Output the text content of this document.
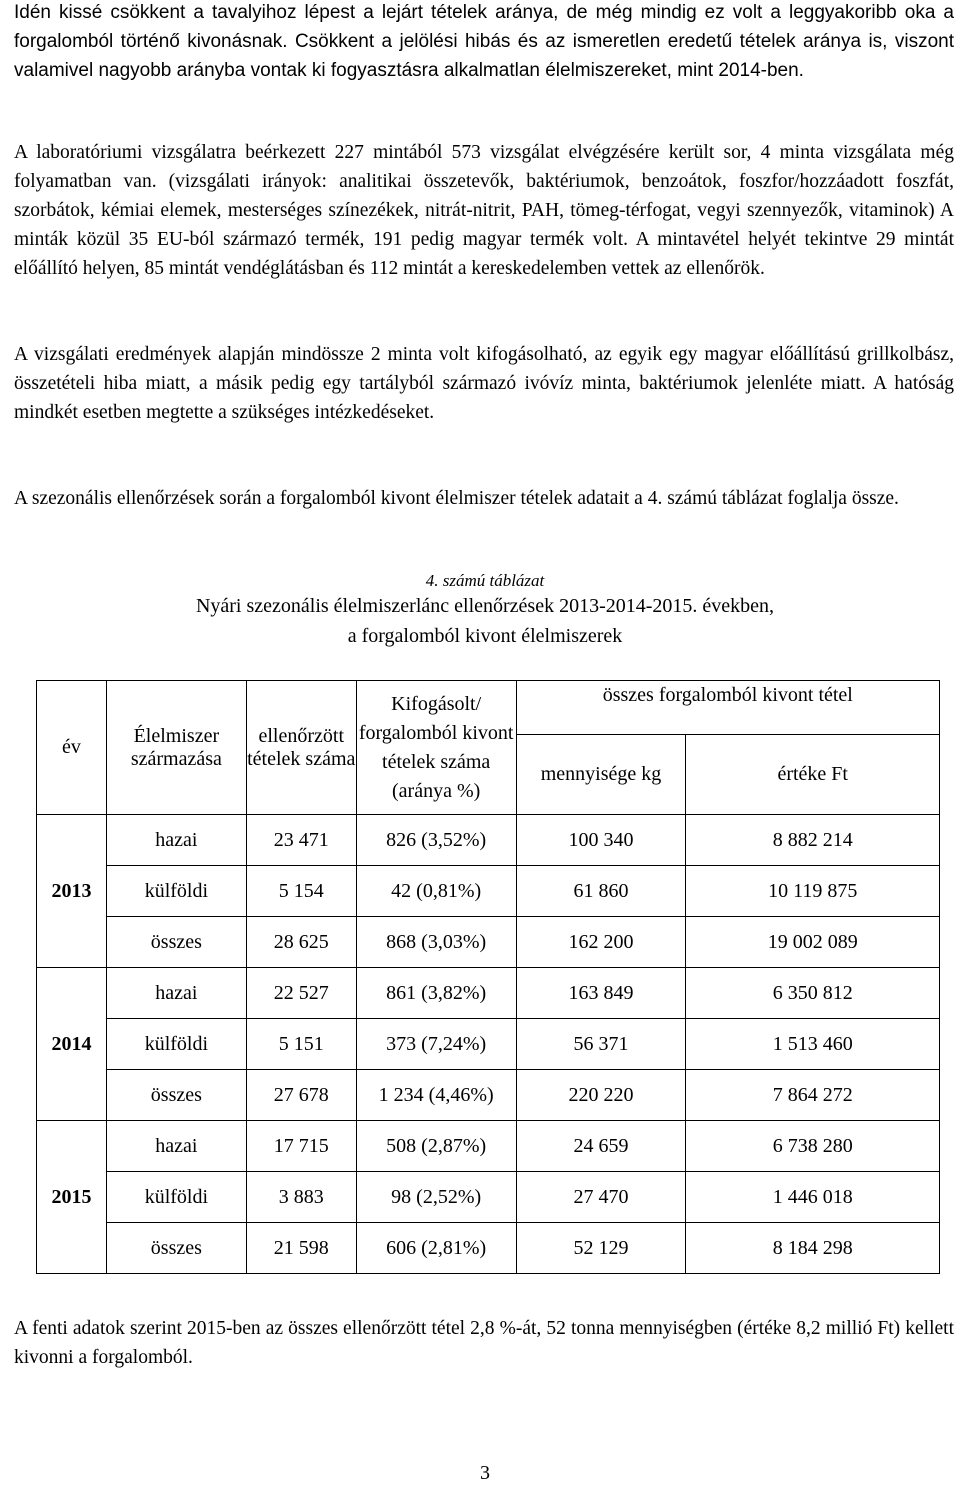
Idén kissé csökkent a tavalyihoz lépest a lejárt tételek aránya, de még mindig ez volt a leggyakoribb oka a forgalomból történő kivonásnak. Csökkent a jelölési hibás és az ismeretlen eredetű tételek aránya is, viszont valamivel nagyobb arányba vontak ki fogyasztásra alkalmatlan élelmiszereket, mint 2014-ben.

A laboratóriumi vizsgálatra beérkezett 227 mintából 573 vizsgálat elvégzésére került sor, 4 minta vizsgálata még folyamatban van. (vizsgálati irányok: analitikai összetevők, baktériumok, benzoátok, foszfor/hozzáadott foszfát, szorbátok, kémiai elemek, mesterséges színezékek, nitrát-nitrit, PAH, tömeg-térfogat, vegyi szennyezők, vitaminok) A minták közül 35 EU-ból származó termék, 191 pedig magyar termék volt. A mintavétel helyét tekintve 29 mintát előállító helyen, 85 mintát vendéglátásban és 112 mintát a kereskedelemben vettek az ellenőrök.

A vizsgálati eredmények alapján mindössze 2 minta volt kifogásolható, az egyik egy magyar előállítású grillkolbász, összetételi hiba miatt, a másik pedig egy tartályból származó ivóvíz minta, baktériumok jelenléte miatt. A hatóság mindkét esetben megtette a szükséges intézkedéseket.

A szezonális ellenőrzések során a forgalomból kivont élelmiszer tételek adatait a 4. számú táblázat foglalja össze.

4. számú táblázat

Nyári szezonális élelmiszerlánc ellenőrzések 2013-2014-2015. években,

a forgalomból kivont élelmiszerek

év	Élelmiszer származása	ellenőrzött tételek száma	Kifogásolt/ forgalomból kivont tételek száma (aránya %)	összes forgalomból kivont tétel	
				mennyisége kg	értéke Ft
2013	hazai	23 471	826 (3,52%)	100 340	8 882 214
	külföldi	5 154	42 (0,81%)	61 860	10 119 875
	összes	28 625	868 (3,03%)	162 200	19 002 089
2014	hazai	22 527	861 (3,82%)	163 849	6 350 812
	külföldi	5 151	373 (7,24%)	56 371	1 513 460
	összes	27 678	1 234 (4,46%)	220 220	7 864 272
2015	hazai	17 715	508 (2,87%)	24 659	6 738 280
	külföldi	3 883	98 (2,52%)	27 470	1 446 018
	összes	21 598	606 (2,81%)	52 129	8 184 298

A fenti adatok szerint 2015-ben az összes ellenőrzött tétel 2,8 %-át, 52 tonna mennyiségben (értéke 8,2 millió Ft) kellett kivonni a forgalomból.

3
